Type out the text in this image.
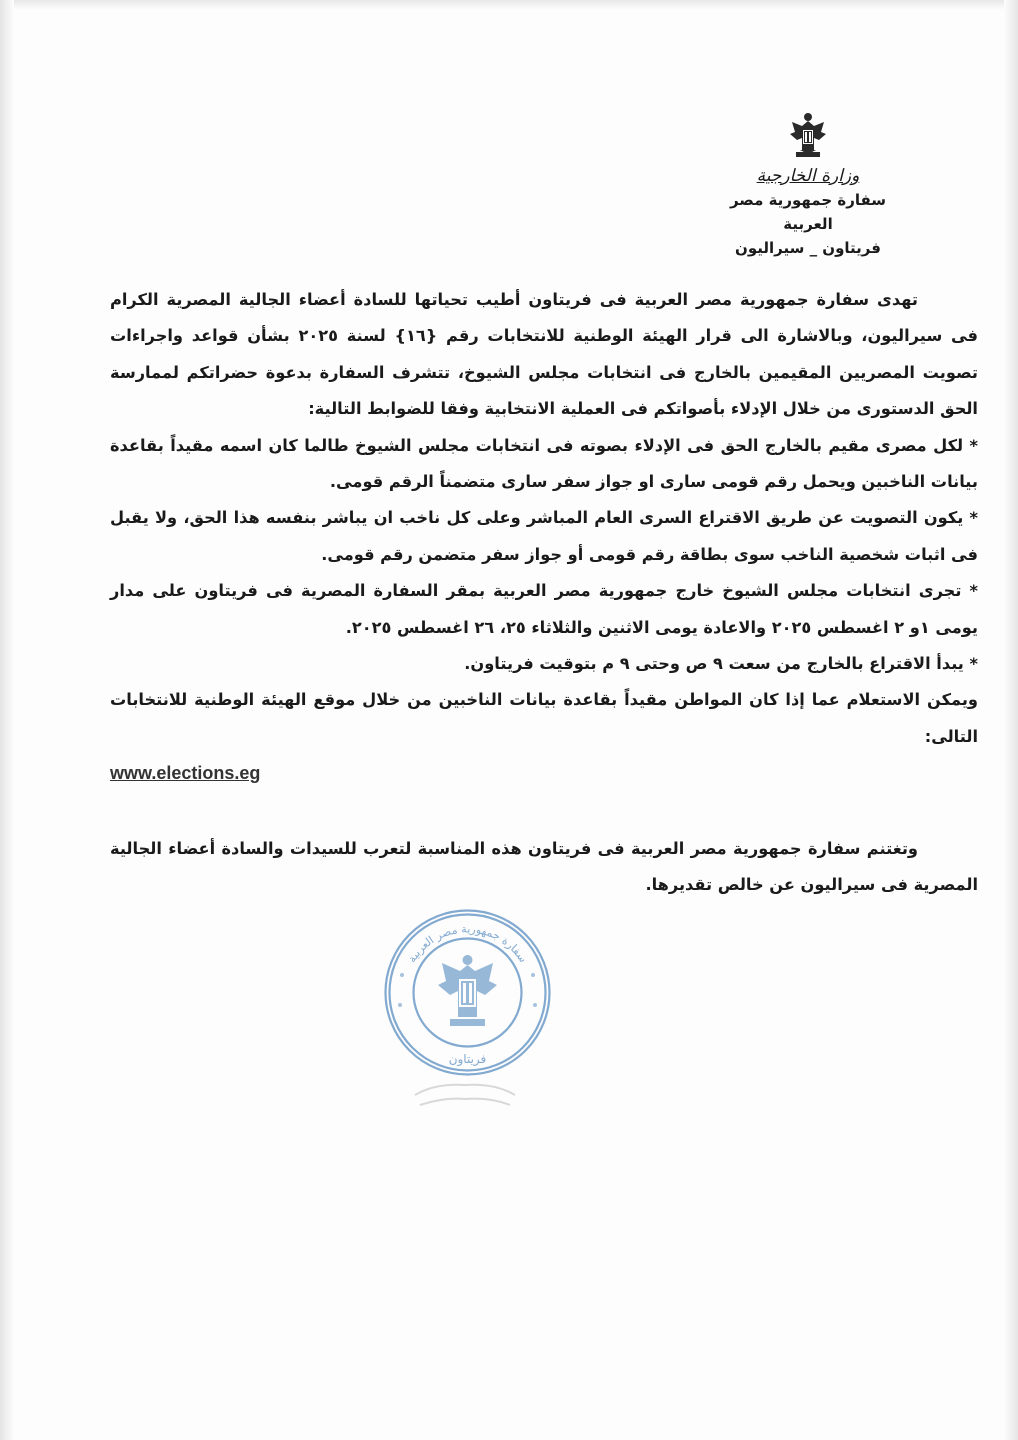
وزارة الخارجية
سفارة جمهورية مصر العربية
فريتاون _ سيراليون

تهدى سفارة جمهورية مصر العربية فى فريتاون أطيب تحياتها للسادة أعضاء الجالية المصرية الكرام فى سيراليون، وبالاشارة الى قرار الهيئة الوطنية للانتخابات رقم {١٦} لسنة ٢٠٢٥ بشأن قواعد واجراءات تصويت المصريين المقيمين بالخارج فى انتخابات مجلس الشيوخ، تتشرف السفارة بدعوة حضراتكم لممارسة الحق الدستورى من خلال الإدلاء بأصواتكم فى العملية الانتخابية وفقا للضوابط التالية:

* لكل مصرى مقيم بالخارج الحق فى الإدلاء بصوته فى انتخابات مجلس الشيوخ طالما كان اسمه مقيداً بقاعدة بيانات الناخبين ويحمل رقم قومى سارى او جواز سفر سارى متضمناً الرقم قومى.

* يكون التصويت عن طريق الاقتراع السرى العام المباشر وعلى كل ناخب ان يباشر بنفسه هذا الحق، ولا يقبل فى اثبات شخصية الناخب سوى بطاقة رقم قومى أو جواز سفر متضمن رقم قومى.

* تجرى انتخابات مجلس الشيوخ خارج جمهورية مصر العربية بمقر السفارة المصرية فى فريتاون على مدار يومى ١و ٢ اغسطس ٢٠٢٥ والاعادة يومى الاثنين والثلاثاء ٢٥، ٢٦ اغسطس ٢٠٢٥.

* يبدأ الاقتراع بالخارج من سعت ٩ ص وحتى ٩ م بتوقيت فريتاون.

ويمكن الاستعلام عما إذا كان المواطن مقيداً بقاعدة بيانات الناخبين من خلال موقع الهيئة الوطنية للانتخابات التالى:

www.elections.eg

وتغتنم سفارة جمهورية مصر العربية فى فريتاون هذه المناسبة لتعرب للسيدات والسادة أعضاء الجالية المصرية فى سيراليون عن خالص تقديرها.

سفارة جمهورية مصر العربية
فريتاون
